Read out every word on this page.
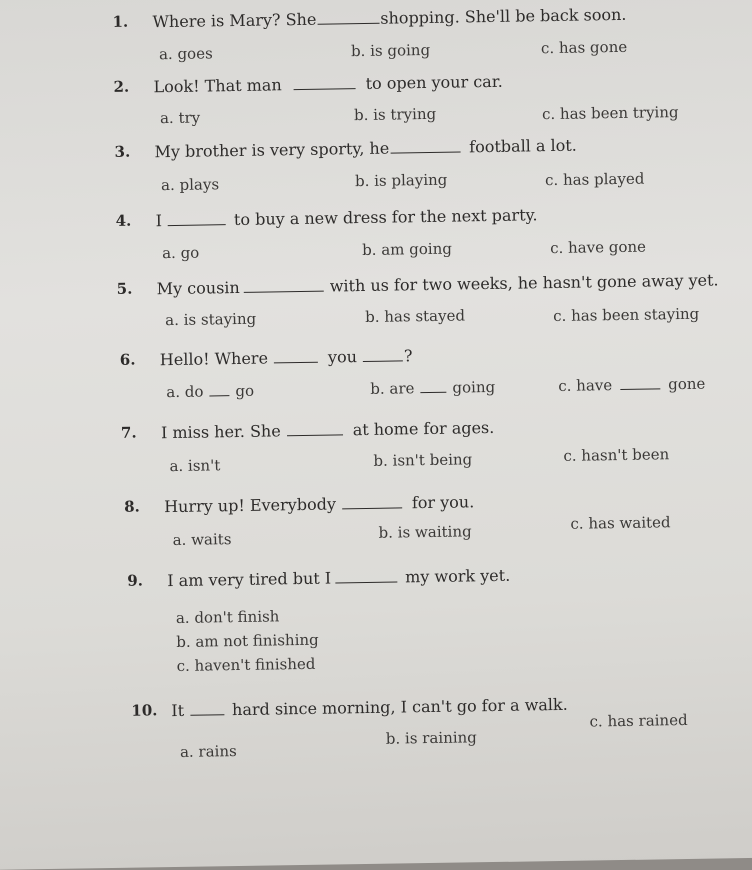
1. Where is Mary? She	shopping. She'll be back soon.
a. goes	b. is going	c. has gone
2. Look! That man	to open your car.
a. try	b. is trying	c. has been trying
3. My brother is very sporty, he	football a lot.
a. plays	b. is playing	c. has played
4. I	to buy a new dress for the next party.
a. go	b. am going	c. have gone
5. My cousin	with us for two weeks, he hasn't gone away yet.
a. is staying	b. has stayed	c. has been staying
6. Hello! Where	you	?
a. do go	b. are	going	c. have	gone
7. I miss her. She	at home for ages.
a. isn't	b. isn't being	c. hasn't been
8. Hurry up! Everybody	for you.
a. waits	b. is waiting	c. has waited
9. I am very tired but I	my work yet.
a. don't finish
b. am not finishing
c. haven't finished
10. It	hard since morning, I can't go for a walk.
a. rains
b. is raining
c. has rained
